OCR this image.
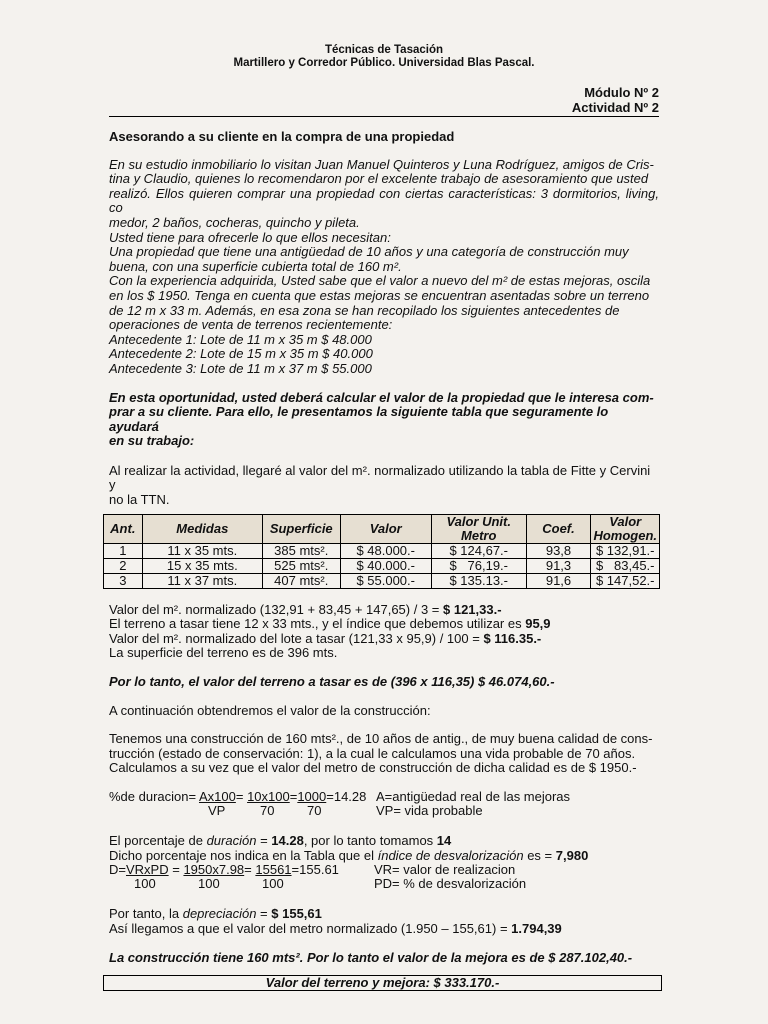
Técnicas de Tasación
Martillero y Corredor Público. Universidad Blas Pascal.
Módulo Nº 2
Actividad Nº 2

Asesorando a su cliente en la compra de una propiedad

En su estudio inmobiliario lo visitan Juan Manuel Quinteros y Luna Rodríguez, amigos de Cris-
tina y Claudio, quienes lo recomendaron por el excelente trabajo de asesoramiento que usted
realizó. Ellos quieren comprar una propiedad con ciertas características: 3 dormitorios, living, co
medor, 2 baños, cocheras, quincho y pileta.
Usted tiene para ofrecerle lo que ellos necesitan:
Una propiedad que tiene una antigüedad de 10 años y una categoría de construcción muy
buena, con una superficie cubierta total de 160 m².
Con la experiencia adquirida, Usted sabe que el valor a nuevo del m² de estas mejoras, oscila
en los $ 1950. Tenga en cuenta que estas mejoras se encuentran asentadas sobre un terreno
de 12 m x 33 m. Además, en esa zona se han recopilado los siguientes antecedentes de
operaciones de venta de terrenos recientemente:
Antecedente 1: Lote de 11 m x 35 m $ 48.000
Antecedente 2: Lote de 15 m x 35 m $ 40.000
Antecedente 3: Lote de 11 m x 37 m $ 55.000
En esta oportunidad, usted deberá calcular el valor de la propiedad que le interesa com-
prar a su cliente. Para ello, le presentamos la siguiente tabla que seguramente lo ayudará
en su trabajo:
Al realizar la actividad, llegaré al valor del m². normalizado utilizando la tabla de Fitte y Cervini y
no la TTN.
Ant.	Medidas	Superficie	Valor	Valor Unit. Metro	Coef.	Valor Homogen.
1	11 x 35 mts.	385 mts².	$ 48.000.-	$ 124,67.-	93,8	$ 132,91.-
2	15 x 35 mts.	525 mts².	$ 40.000.-	$   76,19.-	91,3	$   83,45.-
3	11 x 37 mts.	407 mts².	$ 55.000.-	$ 135.13.-	91,6	$ 147,52.-
Valor del m². normalizado (132,91 + 83,45 + 147,65) / 3 = $ 121,33.-
El terreno a tasar tiene 12 x 33 mts., y el índice que debemos utilizar es 95,9
Valor del m². normalizado del lote a tasar (121,33 x 95,9) / 100 = $ 116.35.-
La superficie del terreno es de 396 mts.

Por lo tanto, el valor del terreno a tasar es de (396 x 116,35) $ 46.074,60.-

A continuación obtendremos el valor de la construcción:

Tenemos una construcción de 160 mts²., de 10 años de antig., de muy buena calidad de cons-
trucción (estado de conservación: 1), a la cual le calculamos una vida probable de 70 años.
Calculamos a su vez que el valor del metro de construcción de dicha calidad es de $ 1950.-
%de duracion= Ax100= 10x100=1000=14.28 A=antigüedad real de las mejoras
VP	70	70	VP= vida probable
El porcentaje de duración = 14.28, por lo tanto tomamos 14
Dicho porcentaje nos indica en la Tabla que el índice de desvalorización es = 7,980
D=VRxPD = 1950x7.98= 15561=155.61	VR= valor de realizacion
100	100	100	PD= % de desvalorización
Por tanto, la depreciación = $ 155,61
Así llegamos a que el valor del metro normalizado (1.950 – 155,61) = 1.794,39

La construcción tiene 160 mts². Por lo tanto el valor de la mejora es de $ 287.102,40.-

Valor del terreno y mejora: $ 333.170.-
